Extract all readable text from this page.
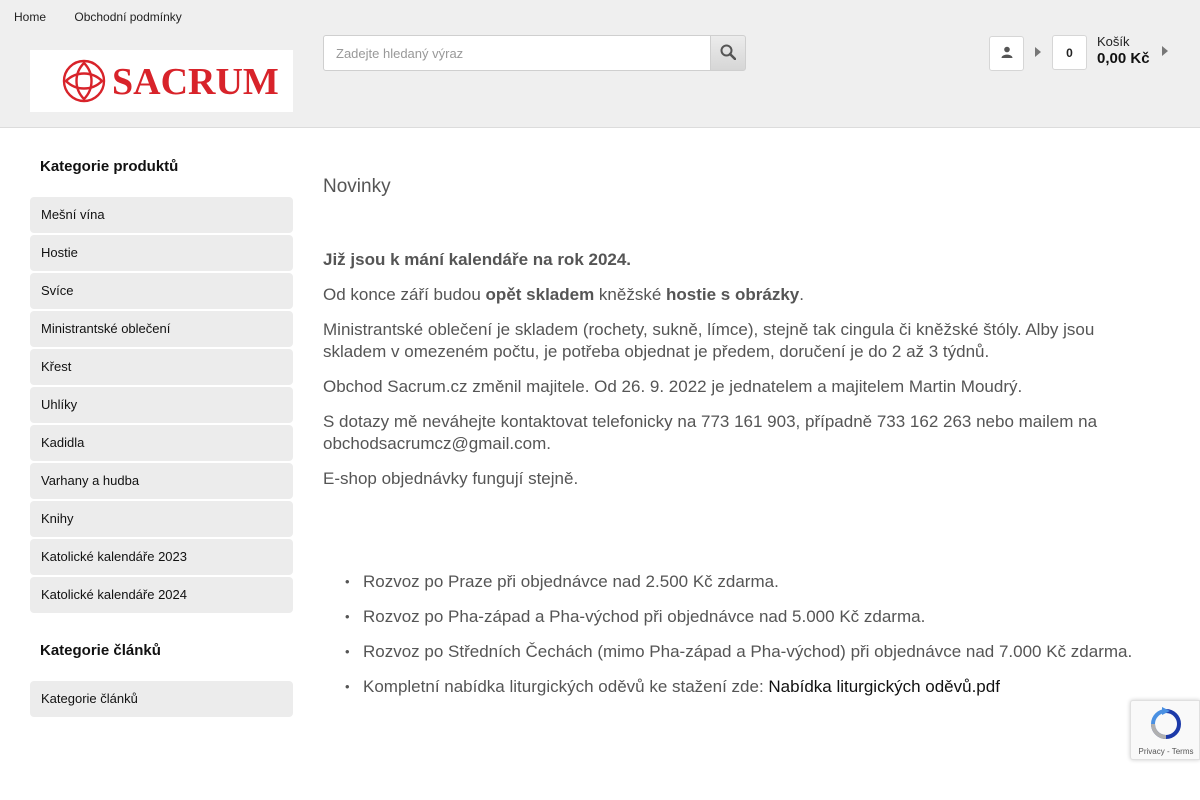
Home Obchodní podmínky
SACRUM
Zadejte hledaný výraz
0
Košík
0,00 Kč
Kategorie produktů
Mešní vína
Hostie
Svíce
Ministrantské oblečení
Křest
Uhlíky
Kadidla
Varhany a hudba
Knihy
Katolické kalendáře 2023
Katolické kalendáře 2024
Kategorie článků
Kategorie článků
Novinky
Již jsou k mání kalendáře na rok 2024.
Od konce září budou opět skladem kněžské hostie s obrázky.
Ministrantské oblečení je skladem (rochety, sukně, límce), stejně tak cingula či kněžské štóly. Alby jsou skladem v omezeném počtu, je potřeba objednat je předem, doručení je do 2 až 3 týdnů.
Obchod Sacrum.cz změnil majitele. Od 26. 9. 2022 je jednatelem a majitelem Martin Moudrý.
S dotazy mě neváhejte kontaktovat telefonicky na 773 161 903, případně 733 162 263 nebo mailem na obchodsacrumcz@gmail.com.
E-shop objednávky fungují stejně.
• Rozvoz po Praze při objednávce nad 2.500 Kč zdarma.
• Rozvoz po Pha-západ a Pha-východ při objednávce nad 5.000 Kč zdarma.
• Rozvoz po Středních Čechách (mimo Pha-západ a Pha-východ) při objednávce nad 7.000 Kč zdarma.
• Kompletní nabídka liturgických oděvů ke stažení zde: Nabídka liturgických oděvů.pdf
Privacy - Terms
